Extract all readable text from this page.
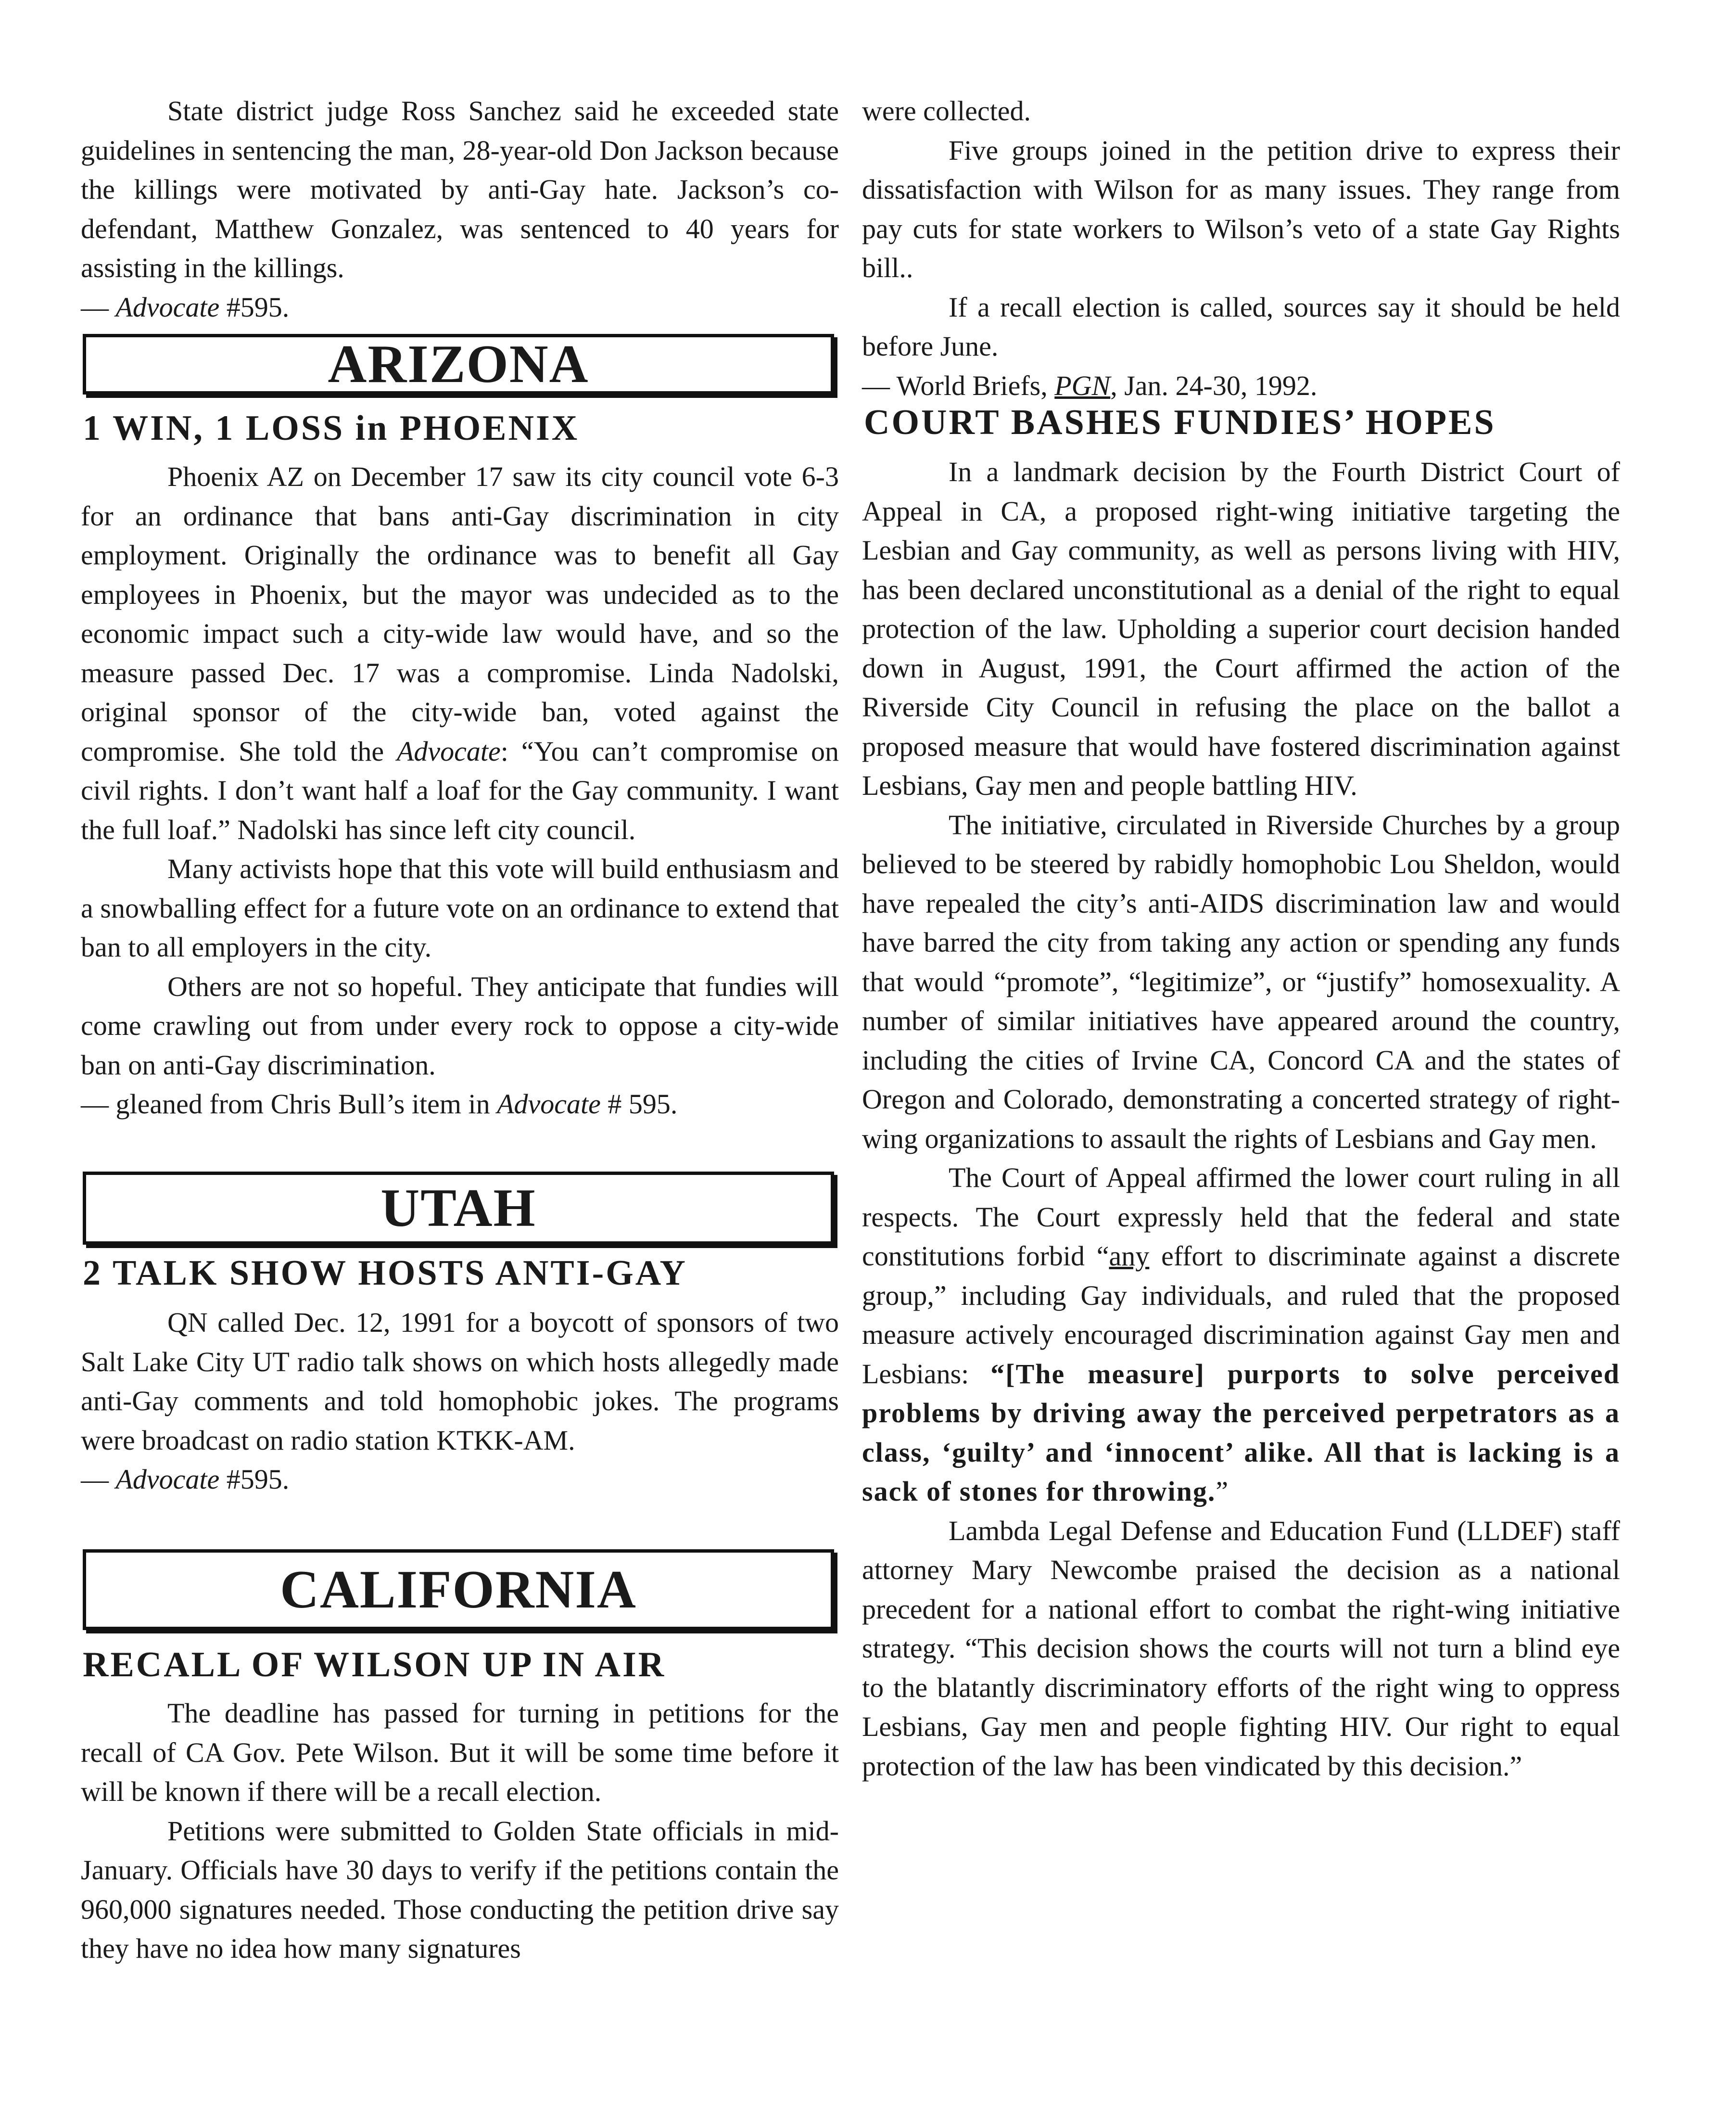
State district judge Ross Sanchez said he exceeded state guidelines in sentencing the man, 28-year-old Don Jackson because the killings were motivated by anti-Gay hate. Jackson’s co-defendant, Matthew Gonzalez, was sentenced to 40 years for assisting in the killings.

— Advocate #595.

ARIZONA
1 WIN, 1 LOSS in PHOENIX

Phoenix AZ on December 17 saw its city council vote 6-3 for an ordinance that bans anti-Gay discrimination in city employment. Originally the ordinance was to benefit all Gay employees in Phoenix, but the mayor was undecided as to the economic impact such a city-wide law would have, and so the measure passed Dec. 17 was a compromise. Linda Nadolski, original sponsor of the city-wide ban, voted against the compromise. She told the Advocate: “You can’t compromise on civil rights. I don’t want half a loaf for the Gay community. I want the full loaf.” Nadolski has since left city council.

Many activists hope that this vote will build enthusiasm and a snowballing effect for a future vote on an ordinance to extend that ban to all employers in the city.

Others are not so hopeful. They anticipate that fundies will come crawling out from under every rock to oppose a city-wide ban on anti-Gay discrimination.

— gleaned from Chris Bull’s item in Advocate # 595.

UTAH
2 TALK SHOW HOSTS ANTI-GAY

QN called Dec. 12, 1991 for a boycott of sponsors of two Salt Lake City UT radio talk shows on which hosts allegedly made anti-Gay comments and told homophobic jokes. The programs were broadcast on radio station KTKK-AM.

— Advocate #595.

CALIFORNIA
RECALL OF WILSON UP IN AIR

The deadline has passed for turning in petitions for the recall of CA Gov. Pete Wilson. But it will be some time before it will be known if there will be a recall election.

Petitions were submitted to Golden State officials in mid-January. Officials have 30 days to verify if the petitions contain the 960,000 signatures needed. Those conducting the petition drive say they have no idea how many signatures

were collected.

Five groups joined in the petition drive to express their dissatisfaction with Wilson for as many issues. They range from pay cuts for state workers to Wilson’s veto of a state Gay Rights bill..

If a recall election is called, sources say it should be held before June.

— World Briefs, PGN, Jan. 24-30, 1992.

COURT BASHES FUNDIES’ HOPES

In a landmark decision by the Fourth District Court of Appeal in CA, a proposed right-wing initiative targeting the Lesbian and Gay community, as well as persons living with HIV, has been declared unconstitutional as a denial of the right to equal protection of the law. Upholding a superior court decision handed down in August, 1991, the Court affirmed the action of the Riverside City Council in refusing the place on the ballot a proposed measure that would have fostered discrimination against Lesbians, Gay men and people battling HIV.

The initiative, circulated in Riverside Churches by a group believed to be steered by rabidly homophobic Lou Sheldon, would have repealed the city’s anti-AIDS discrimination law and would have barred the city from taking any action or spending any funds that would “promote”, “legitimize”, or “justify” homosexuality. A number of similar initiatives have appeared around the country, including the cities of Irvine CA, Concord CA and the states of Oregon and Colorado, demonstrating a concerted strategy of right-wing organizations to assault the rights of Lesbians and Gay men.

The Court of Appeal affirmed the lower court ruling in all respects. The Court expressly held that the federal and state constitutions forbid “any effort to discriminate against a discrete group,” including Gay individuals, and ruled that the proposed measure actively encouraged discrimination against Gay men and Lesbians: “[The measure] purports to solve perceived problems by driving away the perceived perpetrators as a class, ‘guilty’ and ‘innocent’ alike. All that is lacking is a sack of stones for throwing.”

Lambda Legal Defense and Education Fund (LLDEF) staff attorney Mary Newcombe praised the decision as a national precedent for a national effort to combat the right-wing initiative strategy. “This decision shows the courts will not turn a blind eye to the blatantly discriminatory efforts of the right wing to oppress Lesbians, Gay men and people fighting HIV. Our right to equal protection of the law has been vindicated by this decision.”
